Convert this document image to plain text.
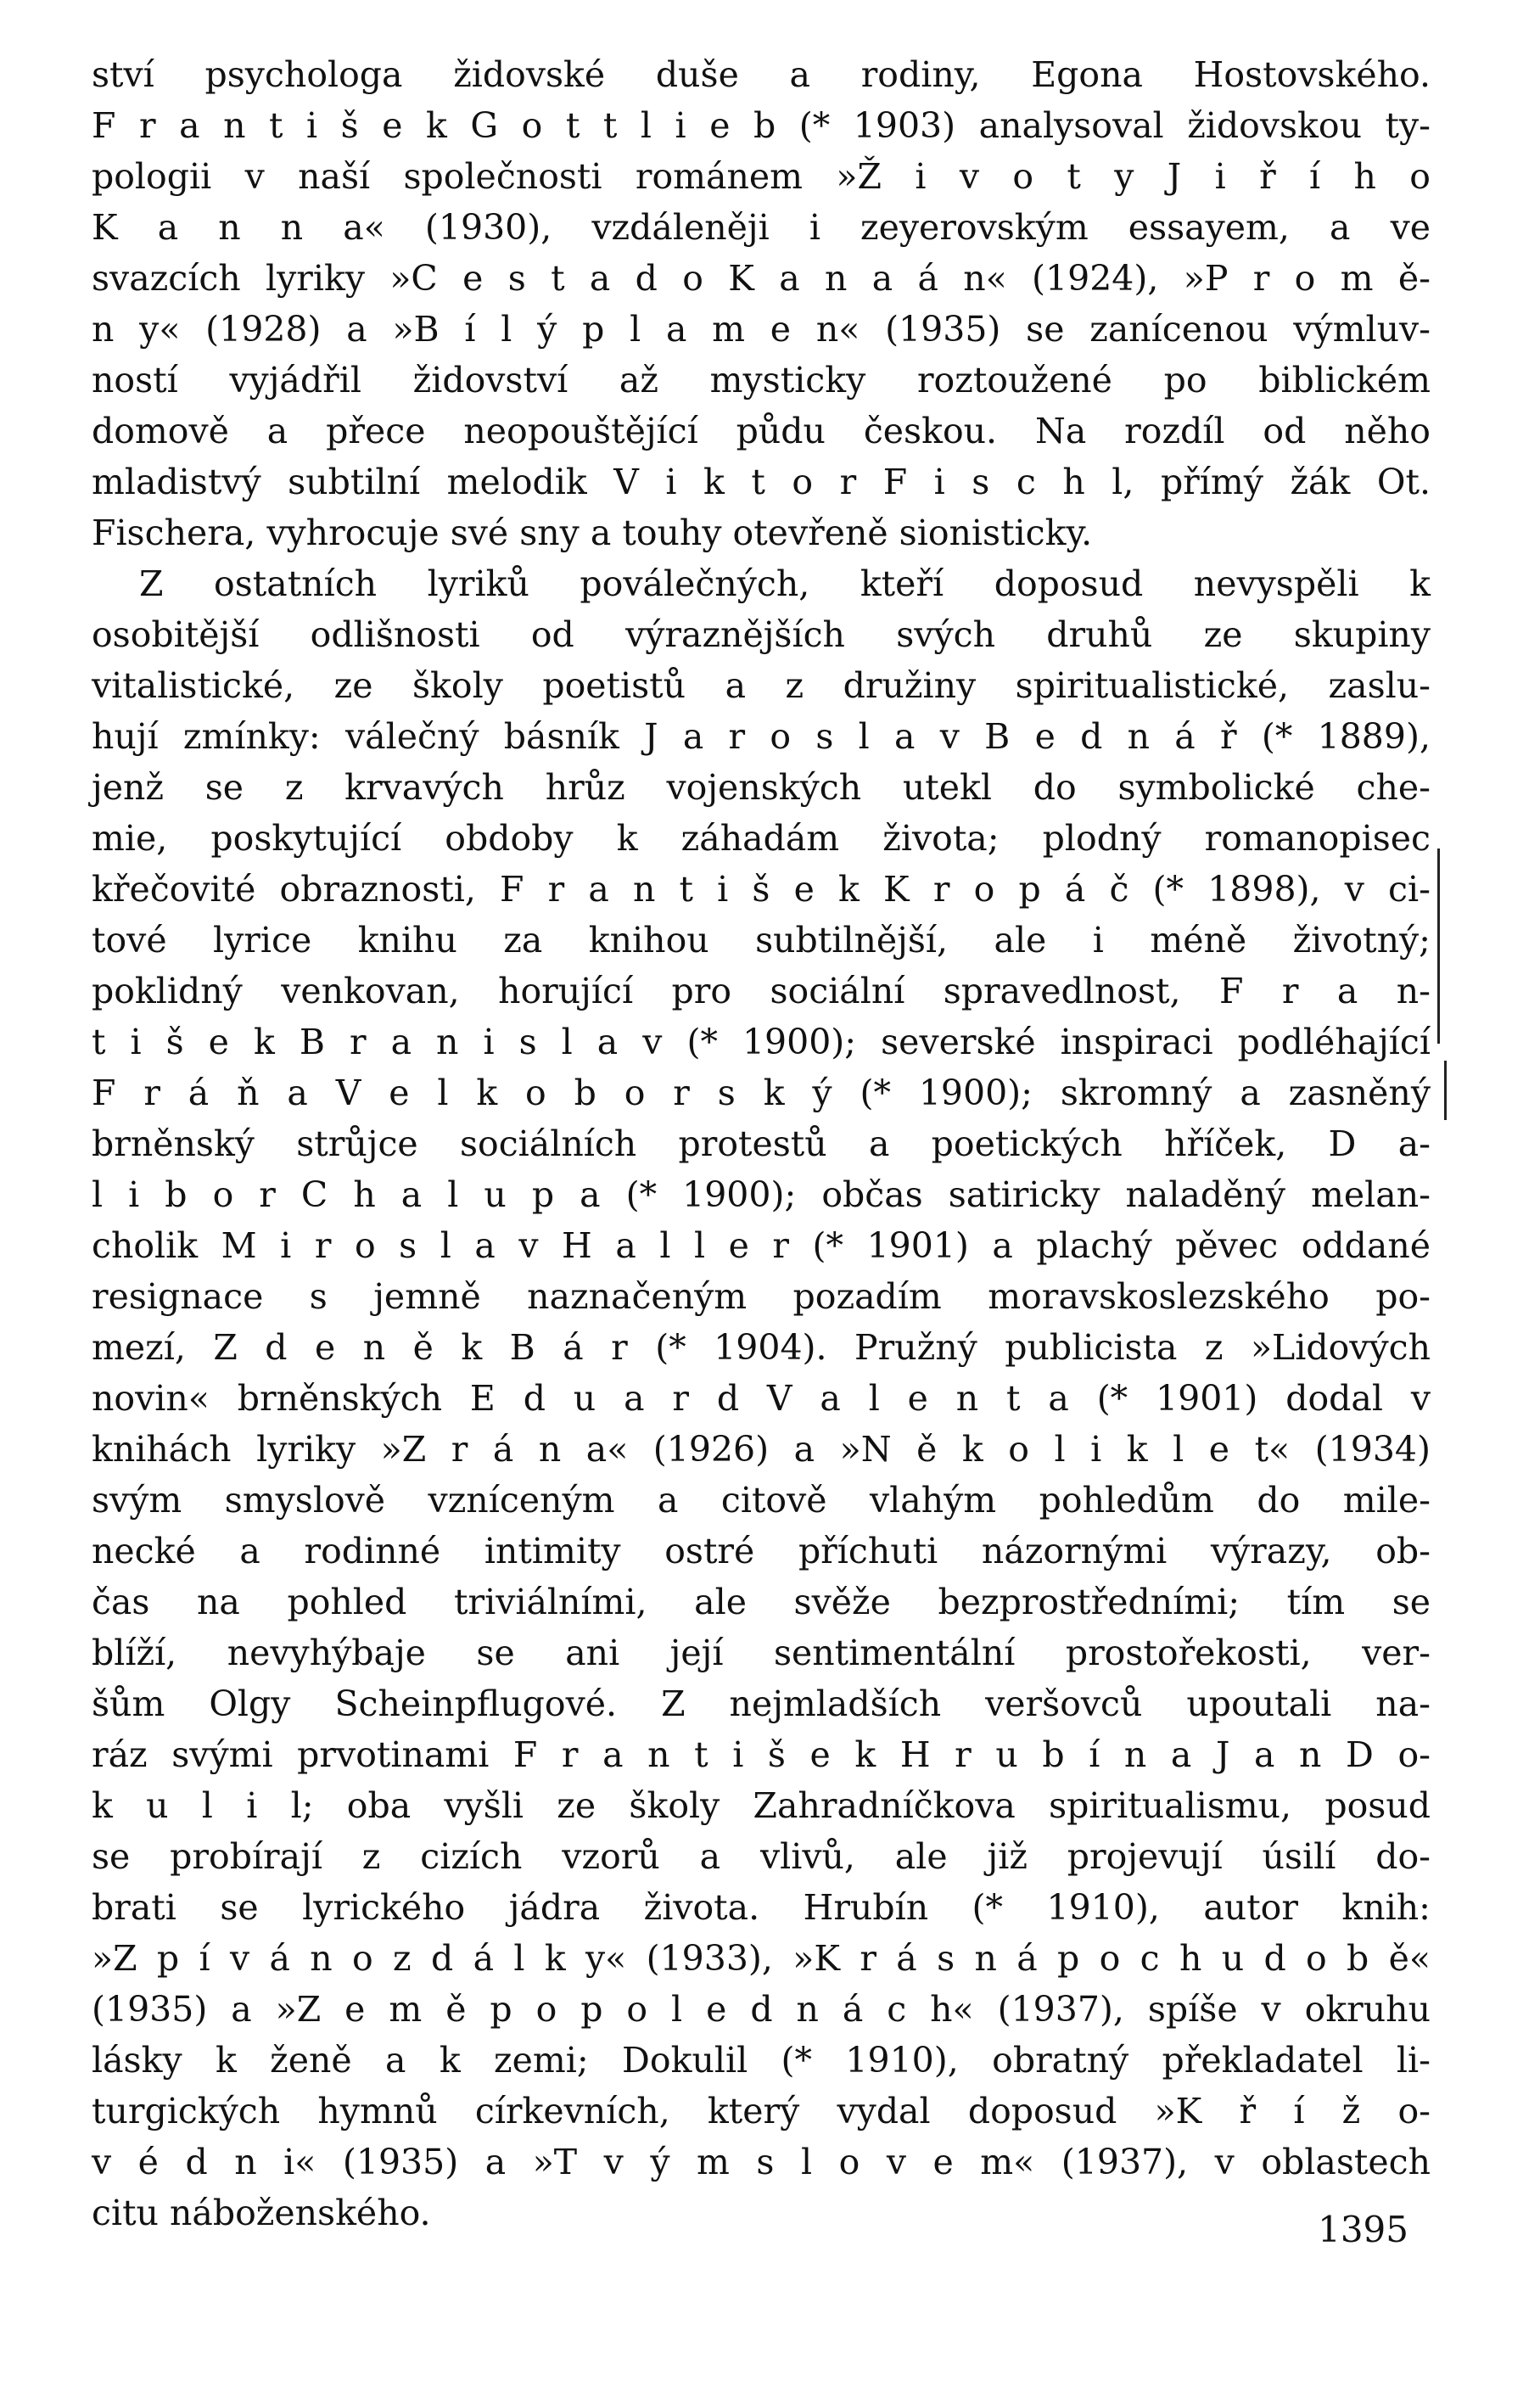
ství psychologa židovské duše a rodiny, Egona Hostovského.
F r a n t i š e k G o t t l i e b (* 1903) analysoval židovskou ty-
pologii v naší společnosti románem »Ž i v o t y J i ř í h o
K a n n a« (1930), vzdáleněji i zeyerovským essayem, a ve
svazcích lyriky »C e s t a d o K a n a á n« (1924), »P r o m ě-
n y« (1928) a »B í l ý p l a m e n« (1935) se zanícenou výmluv-
ností vyjádřil židovství až mysticky roztoužené po biblickém
domově a přece neopouštějící půdu českou. Na rozdíl od něho
mladistvý subtilní melodik V i k t o r F i s c h l, přímý žák Ot.
Fischera, vyhrocuje své sny a touhy otevřeně sionisticky.
Z ostatních lyriků poválečných, kteří doposud nevyspěli k
osobitější odlišnosti od výraznějších svých druhů ze skupiny
vitalistické, ze školy poetistů a z družiny spiritualistické, zaslu-
hují zmínky: válečný básník J a r o s l a v B e d n á ř (* 1889),
jenž se z krvavých hrůz vojenských utekl do symbolické che-
mie, poskytující obdoby k záhadám života; plodný romanopisec
křečovité obraznosti, F r a n t i š e k K r o p á č (* 1898), v ci-
tové lyrice knihu za knihou subtilnější, ale i méně životný;
poklidný venkovan, horující pro sociální spravedlnost, F r a n-
t i š e k B r a n i s l a v (* 1900); severské inspiraci podléhající
F r á ň a V e l k o b o r s k ý (* 1900); skromný a zasněný
brněnský strůjce sociálních protestů a poetických hříček, D a-
l i b o r C h a l u p a (* 1900); občas satiricky naladěný melan-
cholik M i r o s l a v H a l l e r (* 1901) a plachý pěvec oddané
resignace s jemně naznačeným pozadím moravskoslezského po-
mezí, Z d e n ě k B á r (* 1904). Pružný publicista z »Lidových
novin« brněnských E d u a r d V a l e n t a (* 1901) dodal v
knihách lyriky »Z r á n a« (1926) a »N ě k o l i k l e t« (1934)
svým smyslově vzníceným a citově vlahým pohledům do mile-
necké a rodinné intimity ostré příchuti názornými výrazy, ob-
čas na pohled triviálními, ale svěže bezprostředními; tím se
blíží, nevyhýbaje se ani její sentimentální prostořekosti, ver-
šům Olgy Scheinpflugové. Z nejmladších veršovců upoutali na-
ráz svými prvotinami F r a n t i š e k H r u b í n a J a n D o-
k u l i l; oba vyšli ze školy Zahradníčkova spiritualismu, posud
se probírají z cizích vzorů a vlivů, ale již projevují úsilí do-
brati se lyrického jádra života. Hrubín (* 1910), autor knih:
»Z p í v á n o z d á l k y« (1933), »K r á s n á p o c h u d o b ě«
(1935) a »Z e m ě p o p o l e d n á c h« (1937), spíše v okruhu
lásky k ženě a k zemi; Dokulil (* 1910), obratný překladatel li-
turgických hymnů církevních, který vydal doposud »K ř í ž o-
v é d n i« (1935) a »T v ý m s l o v e m« (1937), v oblastech
citu náboženského.	1395
